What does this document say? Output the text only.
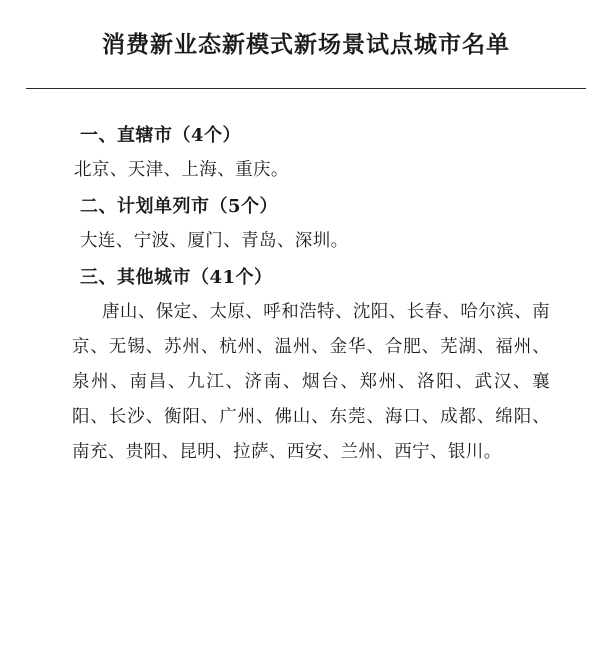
消费新业态新模式新场景试点城市名单
一、直辖市（4个）
北京、天津、上海、重庆。
二、计划单列市（5个）
大连、宁波、厦门、青岛、深圳。
三、其他城市（41个）
唐山、保定、太原、呼和浩特、沈阳、长春、哈尔滨、南京、无锡、苏州、杭州、温州、金华、合肥、芜湖、福州、泉州、南昌、九江、济南、烟台、郑州、洛阳、武汉、襄阳、长沙、衡阳、广州、佛山、东莞、海口、成都、绵阳、南充、贵阳、昆明、拉萨、西安、兰州、西宁、银川。
